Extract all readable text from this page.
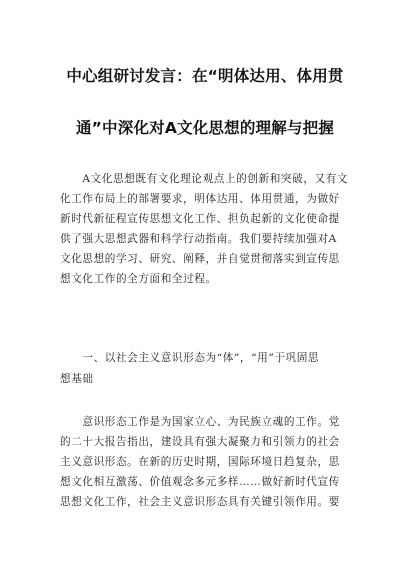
中心组研讨发言：在“明体达用、体用贯
通”中深化对A文化思想的理解与把握
　　A文化思想既有文化理论观点上的创新和突破，又有文
化工作布局上的部署要求，明体达用、体用贯通，为做好
新时代新征程宣传思想文化工作、担负起新的文化使命提
供了强大思想武器和科学行动指南。我们要持续加强对A
文化思想的学习、研究、阐释，并自觉贯彻落实到宣传思
想文化工作的全方面和全过程。
　　一、以社会主义意识形态为“体”，“用”于巩固思
想基础
　　意识形态工作是为国家立心、为民族立魂的工作。党
的二十大报告指出，建设具有强大凝聚力和引领力的社会
主义意识形态。在新的历史时期，国际环境日趋复杂，思
想文化相互激荡、价值观念多元多样……做好新时代宣传
思想文化工作，社会主义意识形态具有关键引领作用。要
